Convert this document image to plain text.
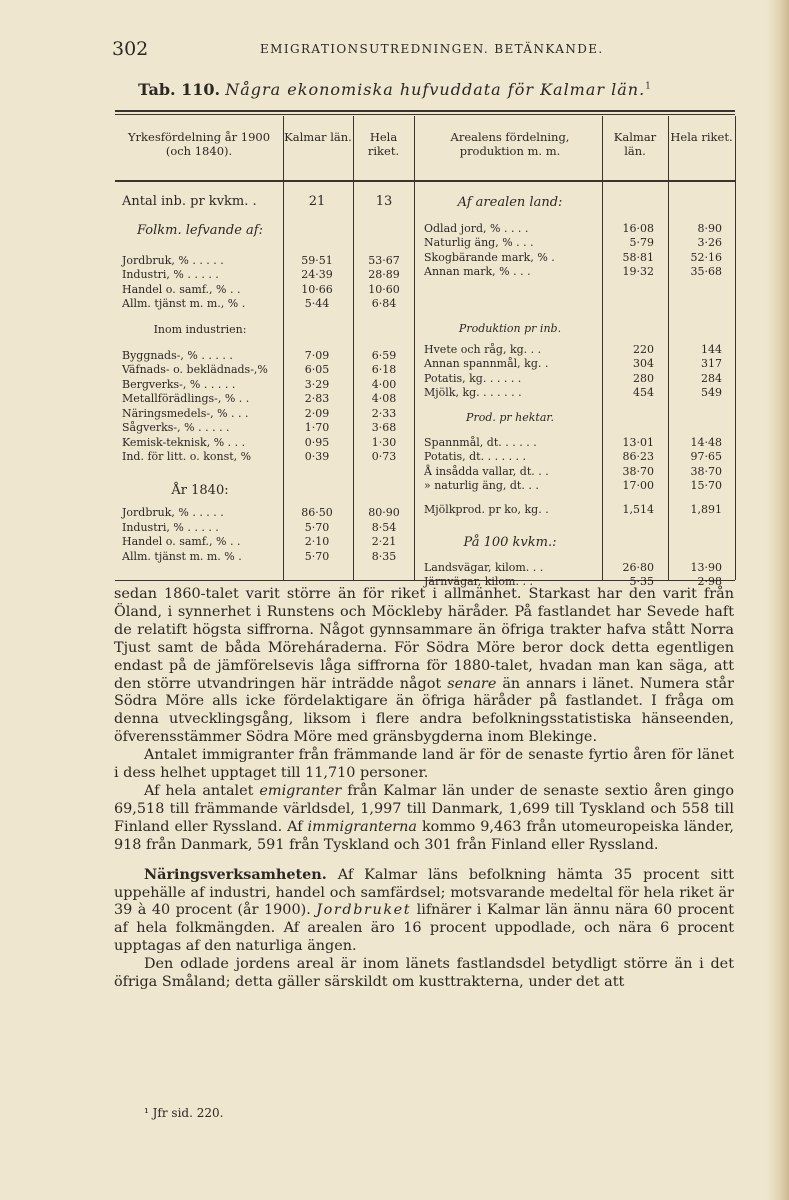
302	EMIGRATIONSUTREDNINGEN. BETÄNKANDE.
Tab. 110. Några ekonomiska hufvuddata för Kalmar län.$^1$
Yrkesfördelning år 1900 (och 1840).
Kalmar län.	Hela riket.
Arealens fördelning, produktion m. m.
Kalmar län.
Hela riket.
Antal inb. pr kvkm. .	21	13
Folkm. lefvande af:
Jordbruk, % . . . . .	59·51	53·67
Industri, % . . . . .	24·39	28·89
Handel o. samf., % . .	10·66	10·60
Allm. tjänst m. m., % .	5·44	6·84
Inom industrien:
Byggnads-, % . . . . .	7·09	6·59
Väfnads- o. beklädnads-,%	6·05	6·18
Bergverks-, % . . . . .	3·29	4·00
Metallförädlings-, % . .	2·83	4·08
Näringsmedels-, % . . .	2·09	2·33
Sågverks-, % . . . . .	1·70	3·68
Kemisk-teknisk, % . . .	0·95	1·30
Ind. för litt. o. konst, %	0·39	0·73
År 1840:
Jordbruk, % . . . . .	86·50	80·90
Industri, % . . . . .	5·70	8·54
Handel o. samf., % . .	2·10	2·21
Allm. tjänst m. m. % .	5·70	8·35
Af arealen land:
Odlad jord, % . . . .	16·08	8·90
Naturlig äng, % . . .	5·79	3·26
Skogbärande mark, % .	58·81	52·16
Annan mark, % . . .	19·32	35·68
Produktion pr inb.
Hvete och råg, kg. . .	220	144
Annan spannmål, kg. .	304	317
Potatis, kg. . . . . .	280	284
Mjölk, kg. . . . . . .	454	549
Prod. pr hektar.
Spannmål, dt. . . . . .	13·01	14·48
Potatis, dt. . . . . . .	86·23	97·65
Å insådda vallar, dt. . .	38·70	38·70
» naturlig äng, dt. . .	17·00	15·70
Mjölkprod. pr ko, kg. .	1,514	1,891
På 100 kvkm.:
Landsvägar, kilom. . .	26·80	13·90
Järnvägar, kilom. . .	5·35	2·98

sedan 1860-talet varit större än för riket i allmänhet. Starkast har den varit från Öland, i synnerhet i Runstens och Möckleby häråder. På fastlandet har Sevede haft de relatift högsta siffrorna. Något gynnsammare än öfriga trakter hafva stått Norra Tjust samt de båda Möreháraderna. För Södra Möre beror dock detta egentligen endast på de jämförelsevis låga siffrorna för 1880-talet, hvadan man kan säga, att den större utvandringen här inträdde något senare än annars i länet. Numera står Södra Möre alls icke fördelaktigare än öfriga häråder på fastlandet. I fråga om denna utvecklingsgång, liksom i flere andra befolkningsstatistiska hänseenden, öfverensstämmer Södra Möre med gränsbygderna inom Blekinge.

Antalet immigranter från främmande land är för de senaste fyrtio åren för länet i dess helhet upptaget till 11,710 personer.

Af hela antalet emigranter från Kalmar län under de senaste sextio åren gingo 69,518 till främmande världsdel, 1,997 till Danmark, 1,699 till Tyskland och 558 till Finland eller Ryssland. Af immigranterna kommo 9,463 från utomeuropeiska länder, 918 från Danmark, 591 från Tyskland och 301 från Finland eller Ryssland.

Näringsverksamheten. Af Kalmar läns befolkning hämta 35 procent sitt uppehälle af industri, handel och samfärdsel; motsvarande medeltal för hela riket är 39 à 40 procent (år 1900). Jordbruket lifnärer i Kalmar län ännu nära 60 procent af hela folkmängden. Af arealen äro 16 procent uppodlade, och nära 6 procent upptagas af den naturliga ängen.

Den odlade jordens areal är inom länets fastlandsdel betydligt större än i det öfriga Småland; detta gäller särskildt om kusttrakterna, under det att

¹ Jfr sid. 220.
